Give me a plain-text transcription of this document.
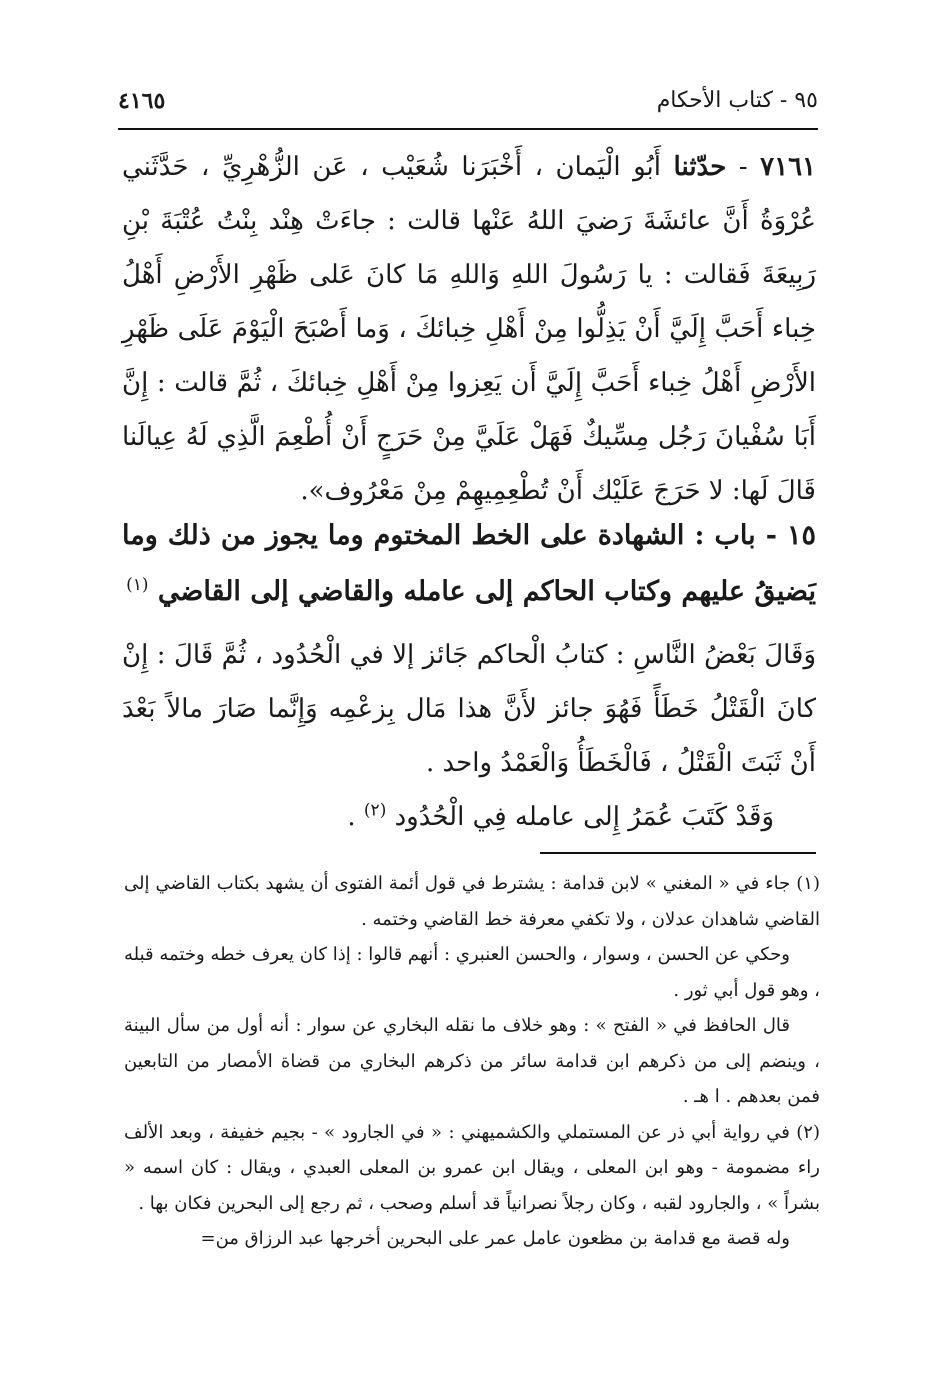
٩٥ - كتاب الأحكام
٤١٦٥
٧١٦١ - حدّثنا أَبُو الْيَمان ، أَخْبَرَنا شُعَيْب ، عَن الزُّهْرِيِّ ، حَدَّثَني عُرْوَةُ أَنَّ عائشَةَ رَضيَ اللهُ عَنْها قالت : جاءَتْ هِنْد بِنْتُ عُتْبَةَ بْنِ رَبِيعَةَ فَقالت : يا رَسُولَ اللهِ وَاللهِ مَا كانَ عَلى ظَهْرِ الأَرْضِ أَهْلُ خِباء أَحَبَّ إِلَيَّ أَنْ يَذِلُّوا مِنْ أَهْلِ خِبائكَ ، وَما أَصْبَحَ الْيَوْمَ عَلَى ظَهْرِ الأَرْضِ أَهْلُ خِباء أَحَبَّ إِلَيَّ أَن يَعِزوا مِنْ أَهْلِ خِبائكَ ، ثُمَّ قالت : إِنَّ أَبَا سُفْيانَ رَجُل مِسِّيكٌ فَهَلْ عَلَيَّ مِنْ حَرَجٍ أَنْ أُطْعِمَ الَّذِي لَهُ عِيالَنا قَالَ لَها: لا حَرَجَ عَلَيْك أَنْ تُطْعِمِيهِمْ مِنْ مَعْرُوف».
١٥ - باب : الشهادة على الخط المختوم وما يجوز من ذلك وما يَضيقُ عليهم وكتاب الحاكم إلى عامله والقاضي إلى القاضي $^{(١)}$
وَقَالَ بَعْضُ النَّاسِ : كتابُ الْحاكم جَائز إلا في الْحُدُود ، ثُمَّ قَالَ : إِنْ كانَ الْقَتْلُ خَطَأً فَهُوَ جائز لأَنَّ هذا مَال بِزعْمِه وَإِنَّما صَارَ مالاً بَعْدَ أَنْ ثَبَتَ الْقَتْلُ ، فَالْخَطَأُ وَالْعَمْدُ واحد .
وَقَدْ كَتَبَ عُمَرُ إِلى عامله فِي الْحُدُود $^{(٢)}$ .

(١) جاء في « المغني » لابن قدامة : يشترط في قول أئمة الفتوى أن يشهد بكتاب القاضي إلى القاضي شاهدان عدلان ، ولا تكفي معرفة خط القاضي وختمه .

وحكي عن الحسن ، وسوار ، والحسن العنبري : أنهم قالوا : إذا كان يعرف خطه وختمه قبله ، وهو قول أبي ثور .

قال الحافظ في « الفتح » : وهو خلاف ما نقله البخاري عن سوار : أنه أول من سأل البينة ، وينضم إلى من ذكرهم ابن قدامة سائر من ذكرهم البخاري من قضاة الأمصار من التابعين فمن بعدهم . ا هـ .

(٢) في رواية أبي ذر عن المستملي والكشميهني : « في الجارود » - بجيم خفيفة ، وبعد الألف راء مضمومة - وهو ابن المعلى ، ويقال ابن عمرو بن المعلى العبدي ، ويقال : كان اسمه « بشراً » ، والجارود لقبه ، وكان رجلاً نصرانياً قد أسلم وصحب ، ثم رجع إلى البحرين فكان بها .

وله قصة مع قدامة بن مظعون عامل عمر على البحرين أخرجها عبد الرزاق من=
